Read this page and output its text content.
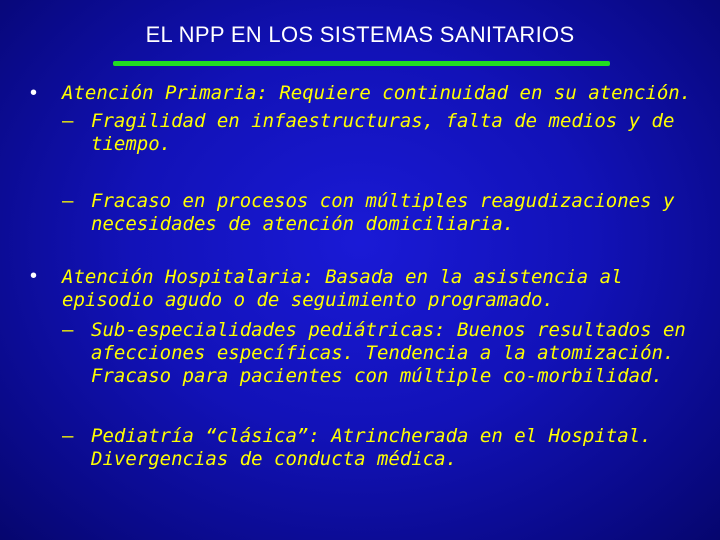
EL NPP EN LOS SISTEMAS SANITARIOS
• Atención Primaria: Requiere continuidad en su atención.
– Fragilidad en infaestructuras, falta de medios y de
tiempo.
– Fracaso en procesos con múltiples reagudizaciones y
necesidades de atención domiciliaria.
• Atención Hospitalaria: Basada en la asistencia al
episodio agudo o de seguimiento programado.
– Sub-especialidades pediátricas: Buenos resultados en
afecciones específicas. Tendencia a la atomización.
Fracaso para pacientes con múltiple co-morbilidad.
– Pediatría “clásica”: Atrincherada en el Hospital.
Divergencias de conducta médica.
